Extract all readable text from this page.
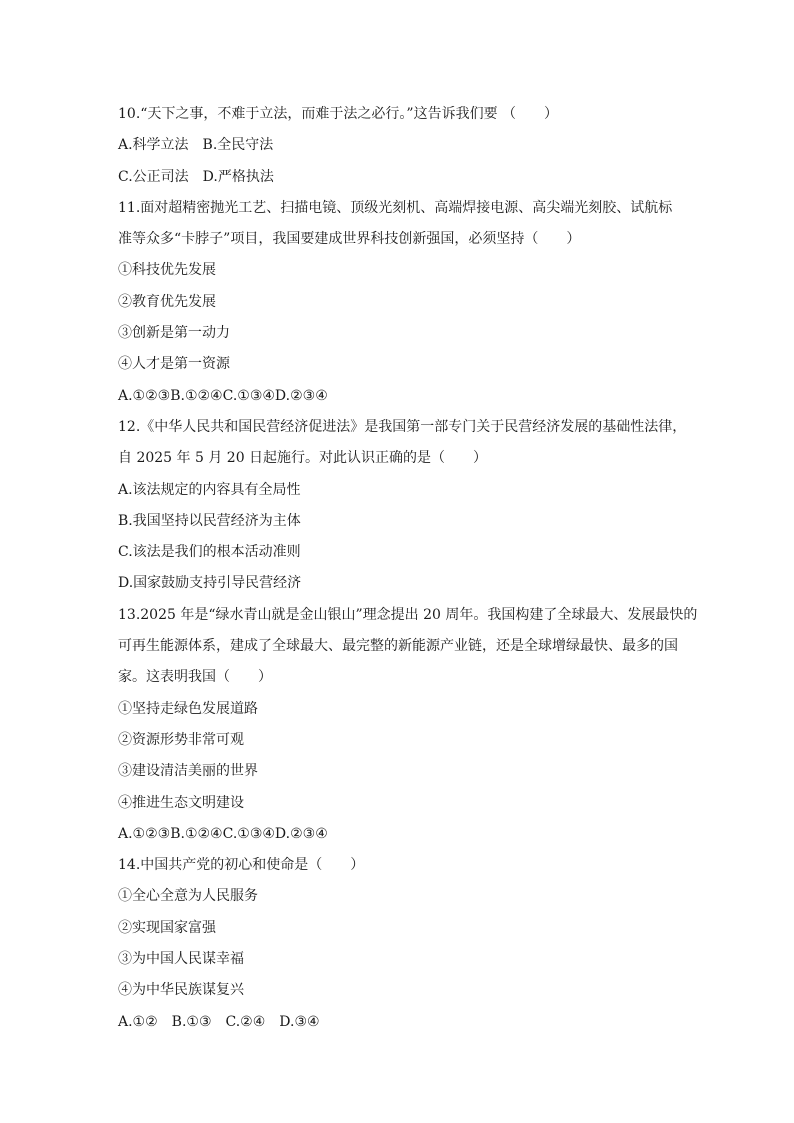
10.“天下之事，不难于立法，而难于法之必行。”这告诉我们要 （　　）
A.科学立法　B.全民守法
C.公正司法　D.严格执法
11.面对超精密抛光工艺、扫描电镜、顶级光刻机、高端焊接电源、高尖端光刻胶、试航标
准等众多“卡脖子”项目，我国要建成世界科技创新强国，必须坚持（　　）
①科技优先发展
②教育优先发展
③创新是第一动力
④人才是第一资源
A.①②③B.①②④C.①③④D.②③④
12.《中华人民共和国民营经济促进法》是我国第一部专门关于民营经济发展的基础性法律，
自 2025 年 5 月 20 日起施行。对此认识正确的是（　　）
A.该法规定的内容具有全局性
B.我国坚持以民营经济为主体
C.该法是我们的根本活动准则
D.国家鼓励支持引导民营经济
13.2025 年是“绿水青山就是金山银山”理念提出 20 周年。我国构建了全球最大、发展最快的
可再生能源体系，建成了全球最大、最完整的新能源产业链，还是全球增绿最快、最多的国
家。这表明我国（　　）
①坚持走绿色发展道路
②资源形势非常可观
③建设清洁美丽的世界
④推进生态文明建设
A.①②③B.①②④C.①③④D.②③④
14.中国共产党的初心和使命是（　　）
①全心全意为人民服务
②实现国家富强
③为中国人民谋幸福
④为中华民族谋复兴
A.①②　B.①③　C.②④　D.③④
